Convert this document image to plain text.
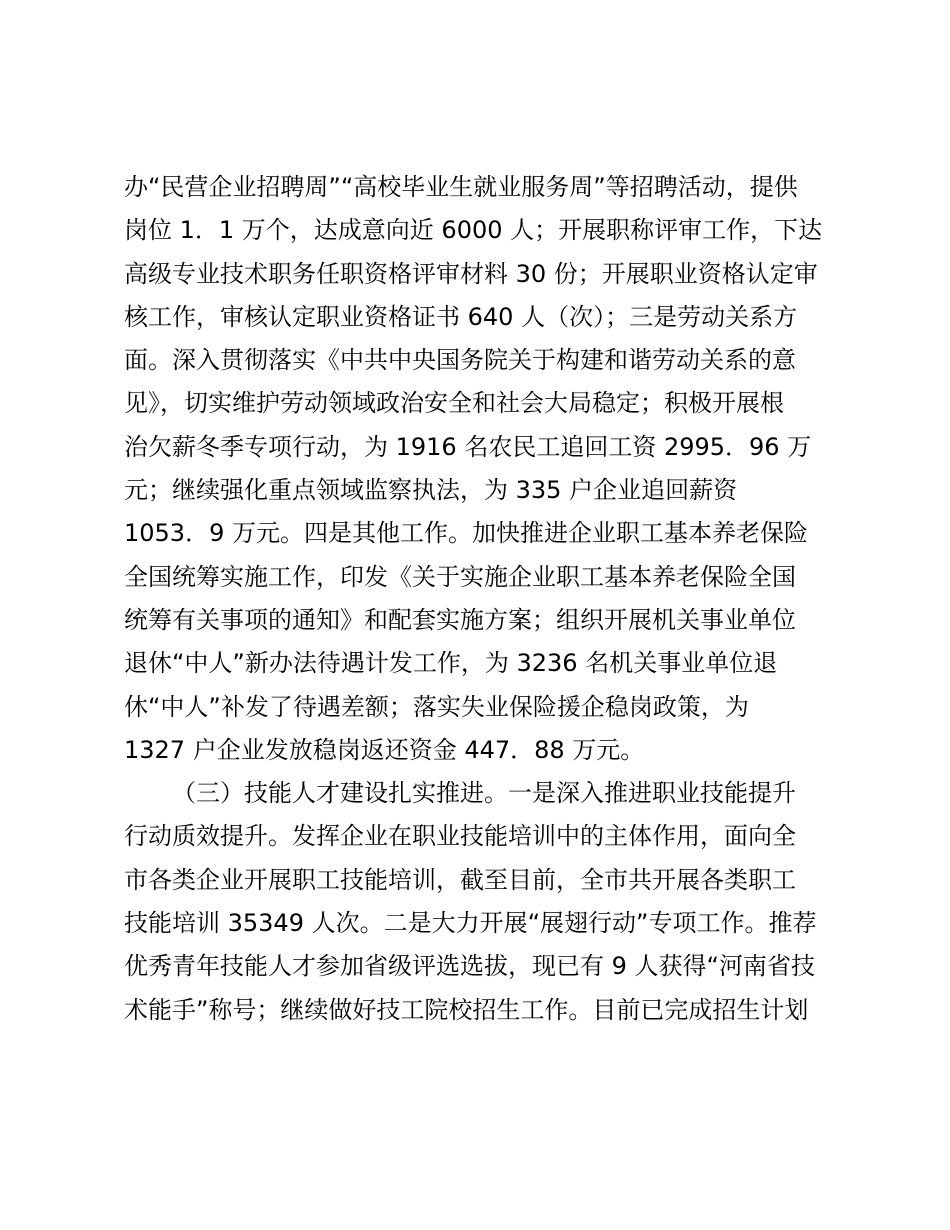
办“民营企业招聘周”“高校毕业生就业服务周”等招聘活动，提供
岗位 1．1 万个，达成意向近 6000 人；开展职称评审工作，下达
高级专业技术职务任职资格评审材料 30 份；开展职业资格认定审
核工作，审核认定职业资格证书 640 人（次）；三是劳动关系方
面。深入贯彻落实《中共中央国务院关于构建和谐劳动关系的意
见》，切实维护劳动领域政治安全和社会大局稳定；积极开展根
治欠薪冬季专项行动，为 1916 名农民工追回工资 2995．96 万
元；继续强化重点领域监察执法，为 335 户企业追回薪资
1053．9 万元。四是其他工作。加快推进企业职工基本养老保险
全国统筹实施工作，印发《关于实施企业职工基本养老保险全国
统筹有关事项的通知》和配套实施方案；组织开展机关事业单位
退休“中人”新办法待遇计发工作，为 3236 名机关事业单位退
休“中人”补发了待遇差额；落实失业保险援企稳岗政策，为
1327 户企业发放稳岗返还资金 447．88 万元。
（三）技能人才建设扎实推进。一是深入推进职业技能提升
行动质效提升。发挥企业在职业技能培训中的主体作用，面向全
市各类企业开展职工技能培训，截至目前，全市共开展各类职工
技能培训 35349 人次。二是大力开展“展翅行动”专项工作。推荐
优秀青年技能人才参加省级评选选拔，现已有 9 人获得“河南省技
术能手”称号；继续做好技工院校招生工作。目前已完成招生计划
